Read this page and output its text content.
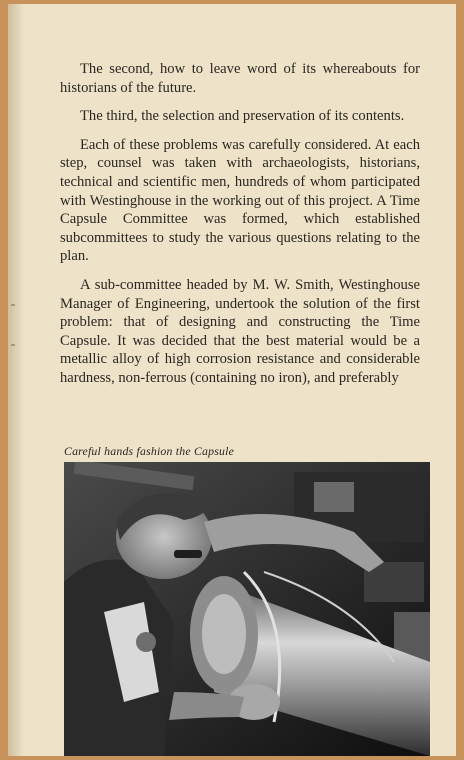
The second, how to leave word of its whereabouts for historians of the future.

The third, the selection and preservation of its contents.

Each of these problems was carefully considered. At each step, counsel was taken with archaeologists, historians, technical and scientific men, hundreds of whom participated with Westinghouse in the working out of this project. A Time Capsule Committee was formed, which established subcommittees to study the various questions relating to the plan.

A sub-committee headed by M. W. Smith, Westinghouse Manager of Engineering, undertook the solution of the first problem: that of designing and constructing the Time Capsule. It was decided that the best material would be a metallic alloy of high corrosion resistance and considerable hardness, non-ferrous (containing no iron), and preferably

Careful hands fashion the Capsule
